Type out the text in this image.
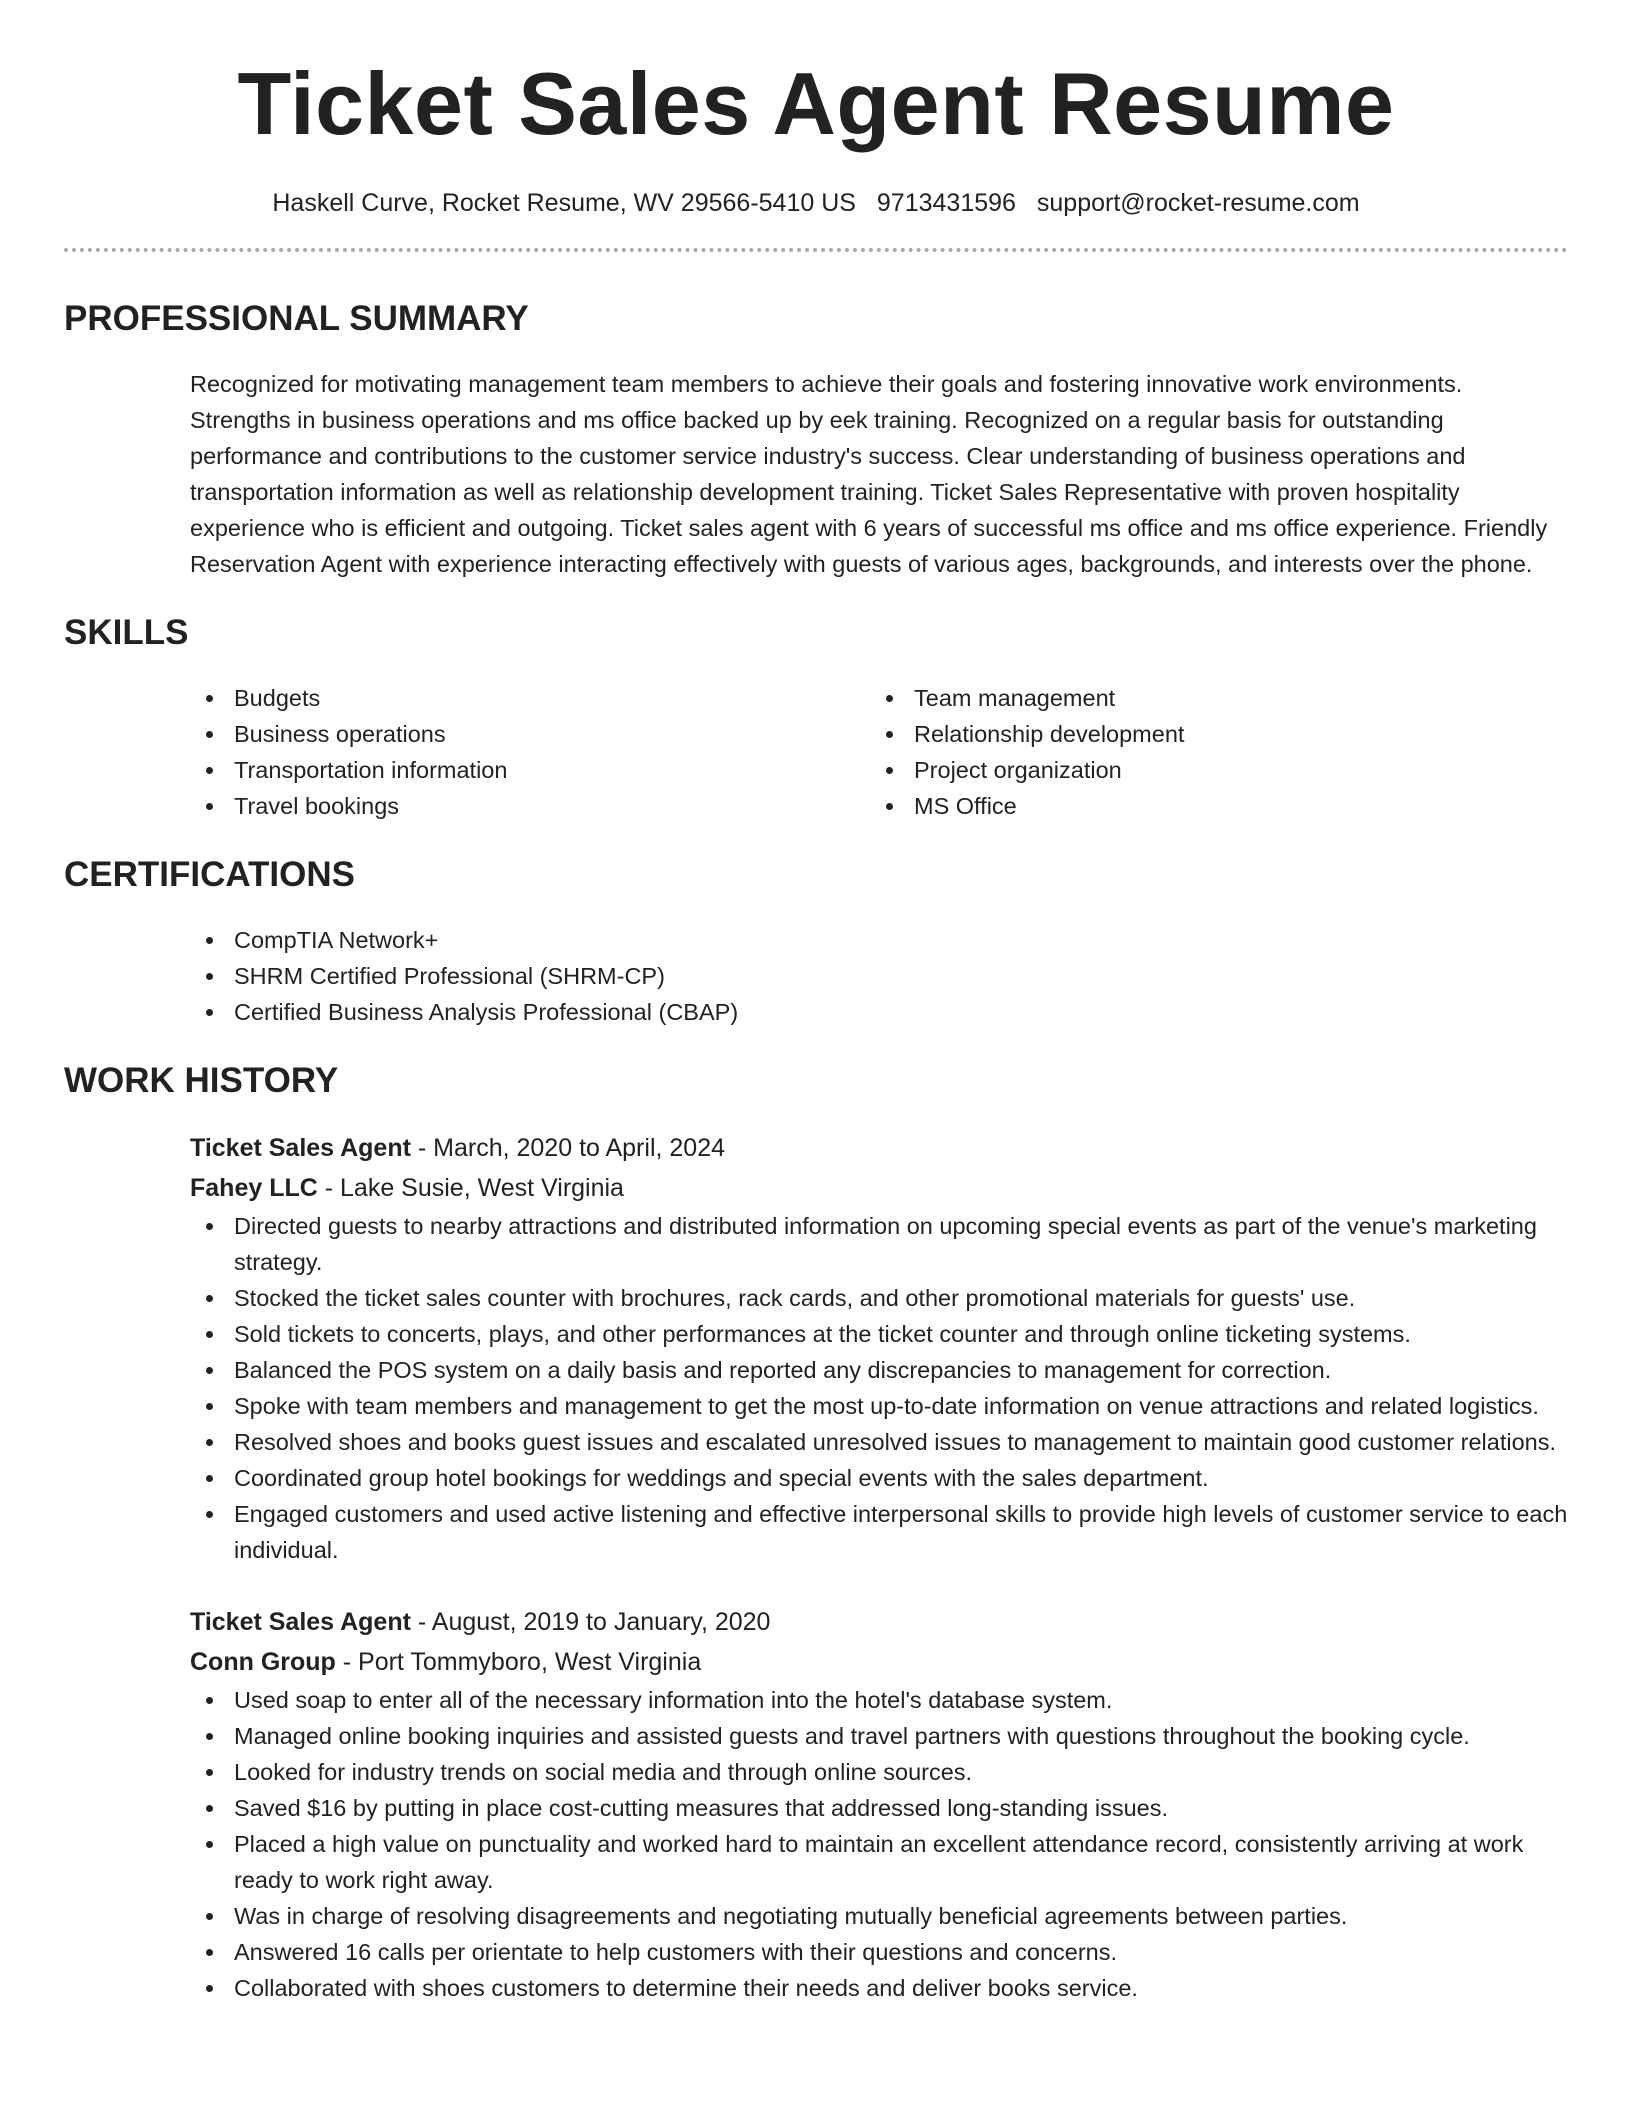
Ticket Sales Agent Resume
Haskell Curve, Rocket Resume, WV 29566-5410 US 9713431596 support@rocket-resume.com
PROFESSIONAL SUMMARY

Recognized for motivating management team members to achieve their goals and fostering innovative work environments. Strengths in business operations and ms office backed up by eek training. Recognized on a regular basis for outstanding performance and contributions to the customer service industry's success. Clear understanding of business operations and transportation information as well as relationship development training. Ticket Sales Representative with proven hospitality experience who is efficient and outgoing. Ticket sales agent with 6 years of successful ms office and ms office experience. Friendly Reservation Agent with experience interacting effectively with guests of various ages, backgrounds, and interests over the phone.

SKILLS
Budgets
Business operations
Transportation information
Travel bookings
Team management
Relationship development
Project organization
MS Office
CERTIFICATIONS
CompTIA Network+
SHRM Certified Professional (SHRM-CP)
Certified Business Analysis Professional (CBAP)
WORK HISTORY
Ticket Sales Agent - March, 2020 to April, 2024
Fahey LLC - Lake Susie, West Virginia
Directed guests to nearby attractions and distributed information on upcoming special events as part of the venue's marketing strategy.
Stocked the ticket sales counter with brochures, rack cards, and other promotional materials for guests' use.
Sold tickets to concerts, plays, and other performances at the ticket counter and through online ticketing systems.
Balanced the POS system on a daily basis and reported any discrepancies to management for correction.
Spoke with team members and management to get the most up-to-date information on venue attractions and related logistics.
Resolved shoes and books guest issues and escalated unresolved issues to management to maintain good customer relations.
Coordinated group hotel bookings for weddings and special events with the sales department.
Engaged customers and used active listening and effective interpersonal skills to provide high levels of customer service to each individual.
Ticket Sales Agent - August, 2019 to January, 2020
Conn Group - Port Tommyboro, West Virginia
Used soap to enter all of the necessary information into the hotel's database system.
Managed online booking inquiries and assisted guests and travel partners with questions throughout the booking cycle.
Looked for industry trends on social media and through online sources.
Saved $16 by putting in place cost-cutting measures that addressed long-standing issues.
Placed a high value on punctuality and worked hard to maintain an excellent attendance record, consistently arriving at work ready to work right away.
Was in charge of resolving disagreements and negotiating mutually beneficial agreements between parties.
Answered 16 calls per orientate to help customers with their questions and concerns.
Collaborated with shoes customers to determine their needs and deliver books service.
